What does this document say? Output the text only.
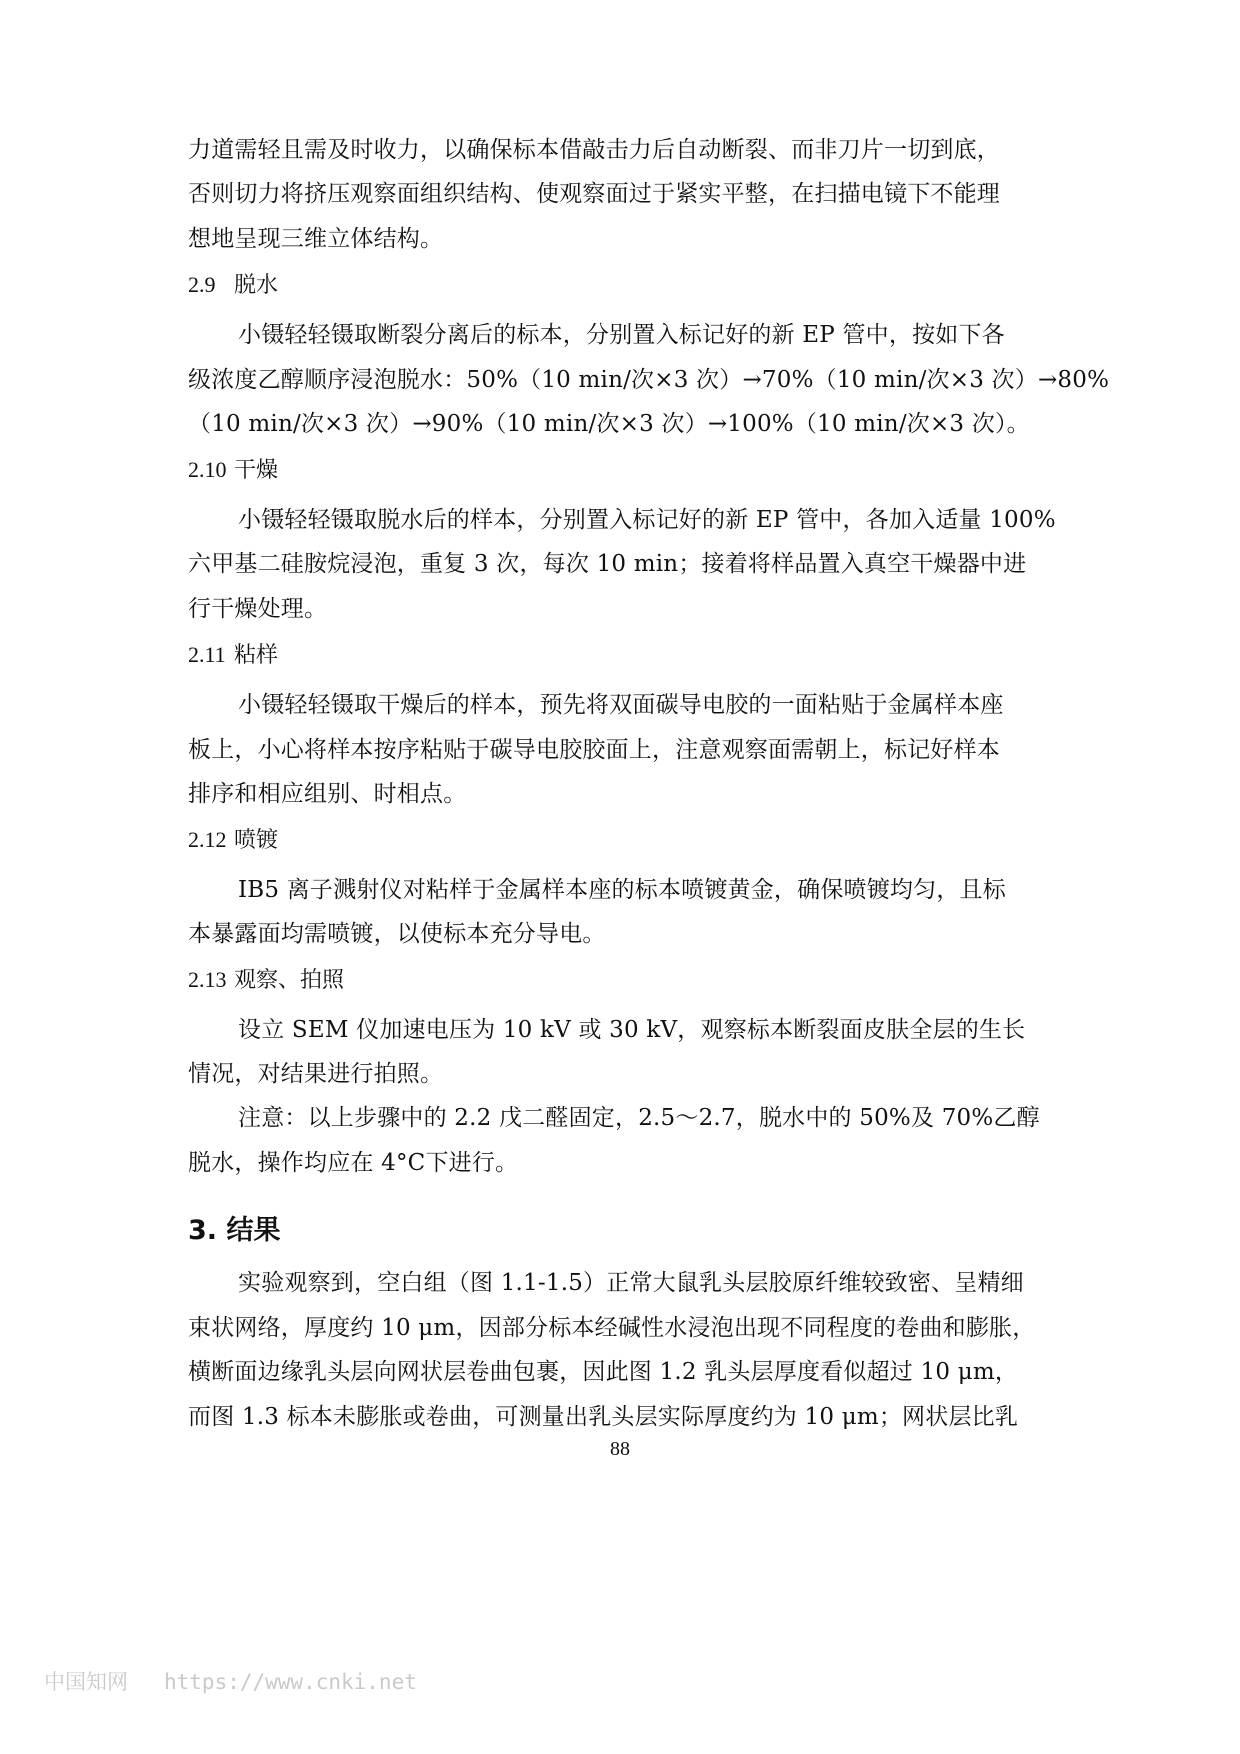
力道需轻且需及时收力，以确保标本借敲击力后自动断裂、而非刀片一切到底，
否则切力将挤压观察面组织结构、使观察面过于紧实平整，在扫描电镜下不能理
想地呈现三维立体结构。
2.9 脱水
小镊轻轻镊取断裂分离后的标本，分别置入标记好的新 EP 管中，按如下各
级浓度乙醇顺序浸泡脱水：50%（10 min/次×3 次）→70%（10 min/次×3 次）→80%
（10 min/次×3 次）→90%（10 min/次×3 次）→100%（10 min/次×3 次）。
2.10 干燥
小镊轻轻镊取脱水后的样本，分别置入标记好的新 EP 管中，各加入适量 100%
六甲基二硅胺烷浸泡，重复 3 次，每次 10 min；接着将样品置入真空干燥器中进
行干燥处理。
2.11 粘样
小镊轻轻镊取干燥后的样本，预先将双面碳导电胶的一面粘贴于金属样本座
板上，小心将样本按序粘贴于碳导电胶胶面上，注意观察面需朝上，标记好样本
排序和相应组别、时相点。
2.12 喷镀
IB5 离子溅射仪对粘样于金属样本座的标本喷镀黄金，确保喷镀均匀，且标
本暴露面均需喷镀，以使标本充分导电。
2.13 观察、拍照
设立 SEM 仪加速电压为 10 kV 或 30 kV，观察标本断裂面皮肤全层的生长
情况，对结果进行拍照。
注意：以上步骤中的 2.2 戊二醛固定，2.5～2.7，脱水中的 50%及 70%乙醇
脱水，操作均应在 4°C下进行。
3. 结果
实验观察到，空白组（图 1.1-1.5）正常大鼠乳头层胶原纤维较致密、呈精细
束状网络，厚度约 10 μm，因部分标本经碱性水浸泡出现不同程度的卷曲和膨胀，
横断面边缘乳头层向网状层卷曲包裹，因此图 1.2 乳头层厚度看似超过 10 μm，
而图 1.3 标本未膨胀或卷曲，可测量出乳头层实际厚度约为 10 μm；网状层比乳
88
中国知网 https://www.cnki.net
